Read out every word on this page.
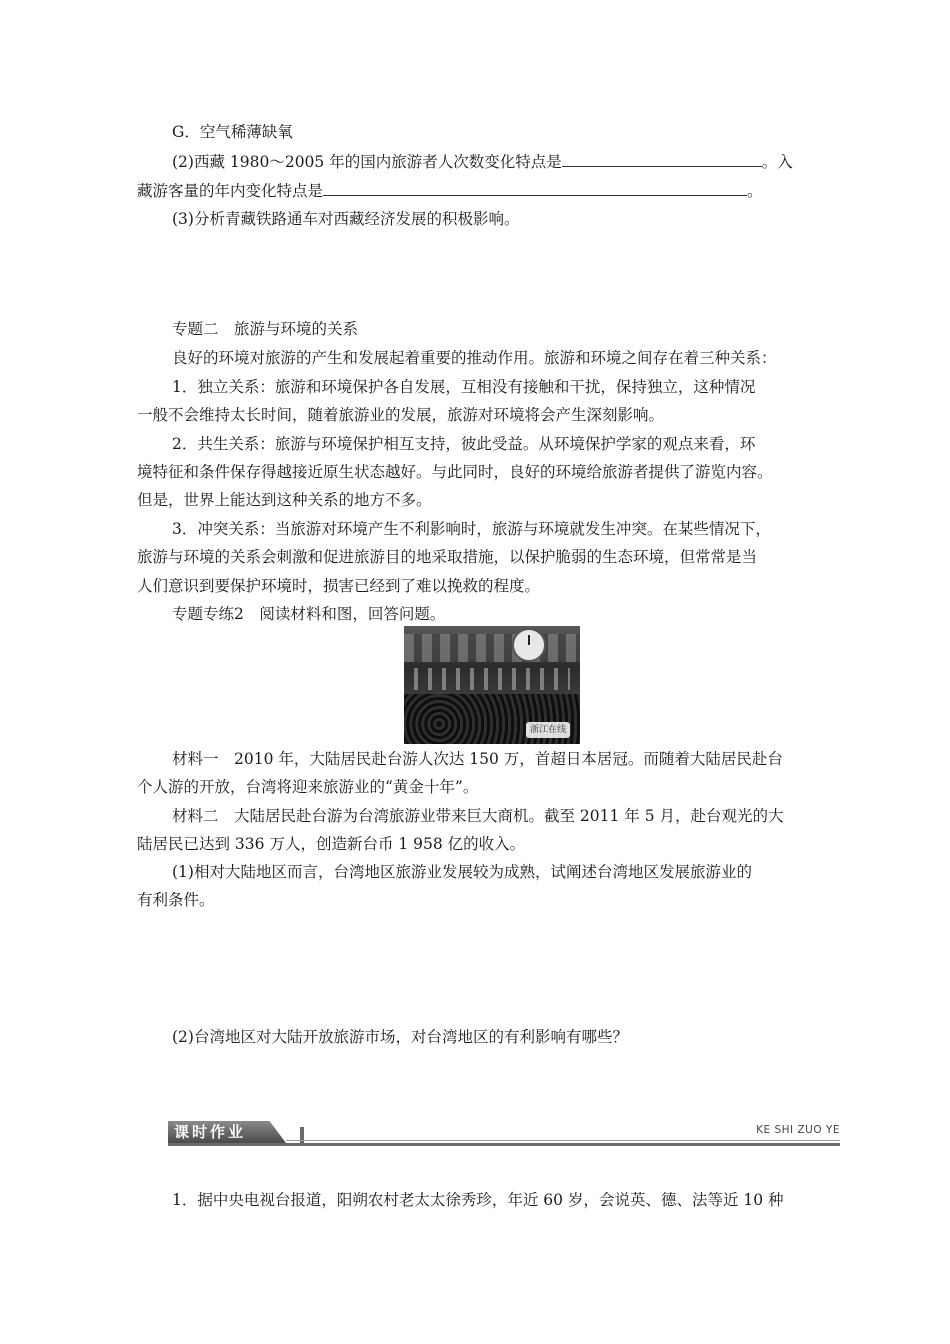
G．空气稀薄缺氧
(2)西藏 1980～2005 年的国内旅游者人次数变化特点是	。入
藏游客量的年内变化特点是	。
(3)分析青藏铁路通车对西藏经济发展的积极影响。
专题二　旅游与环境的关系
良好的环境对旅游的产生和发展起着重要的推动作用。旅游和环境之间存在着三种关系：
1．独立关系：旅游和环境保护各自发展，互相没有接触和干扰，保持独立，这种情况
一般不会维持太长时间，随着旅游业的发展，旅游对环境将会产生深刻影响。
2．共生关系：旅游与环境保护相互支持，彼此受益。从环境保护学家的观点来看，环
境特征和条件保存得越接近原生状态越好。与此同时，良好的环境给旅游者提供了游览内容。
但是，世界上能达到这种关系的地方不多。
3．冲突关系：当旅游对环境产生不利影响时，旅游与环境就发生冲突。在某些情况下，
旅游与环境的关系会刺激和促进旅游目的地采取措施，以保护脆弱的生态环境，但常常是当
人们意识到要保护环境时，损害已经到了难以挽救的程度。
专题专练2　阅读材料和图，回答问题。
浙江在线
材料一　2010 年，大陆居民赴台游人次达 150 万，首超日本居冠。而随着大陆居民赴台
个人游的开放，台湾将迎来旅游业的“黄金十年”。
材料二　大陆居民赴台游为台湾旅游业带来巨大商机。截至 2011 年 5 月，赴台观光的大
陆居民已达到 336 万人，创造新台币 1 958 亿的收入。
(1)相对大陆地区而言，台湾地区旅游业发展较为成熟，试阐述台湾地区发展旅游业的
有利条件。
(2)台湾地区对大陆开放旅游市场，对台湾地区的有利影响有哪些？
课时作业	KE SHI ZUO YE
1．据中央电视台报道，阳朔农村老太太徐秀珍，年近 60 岁，会说英、德、法等近 10 种
